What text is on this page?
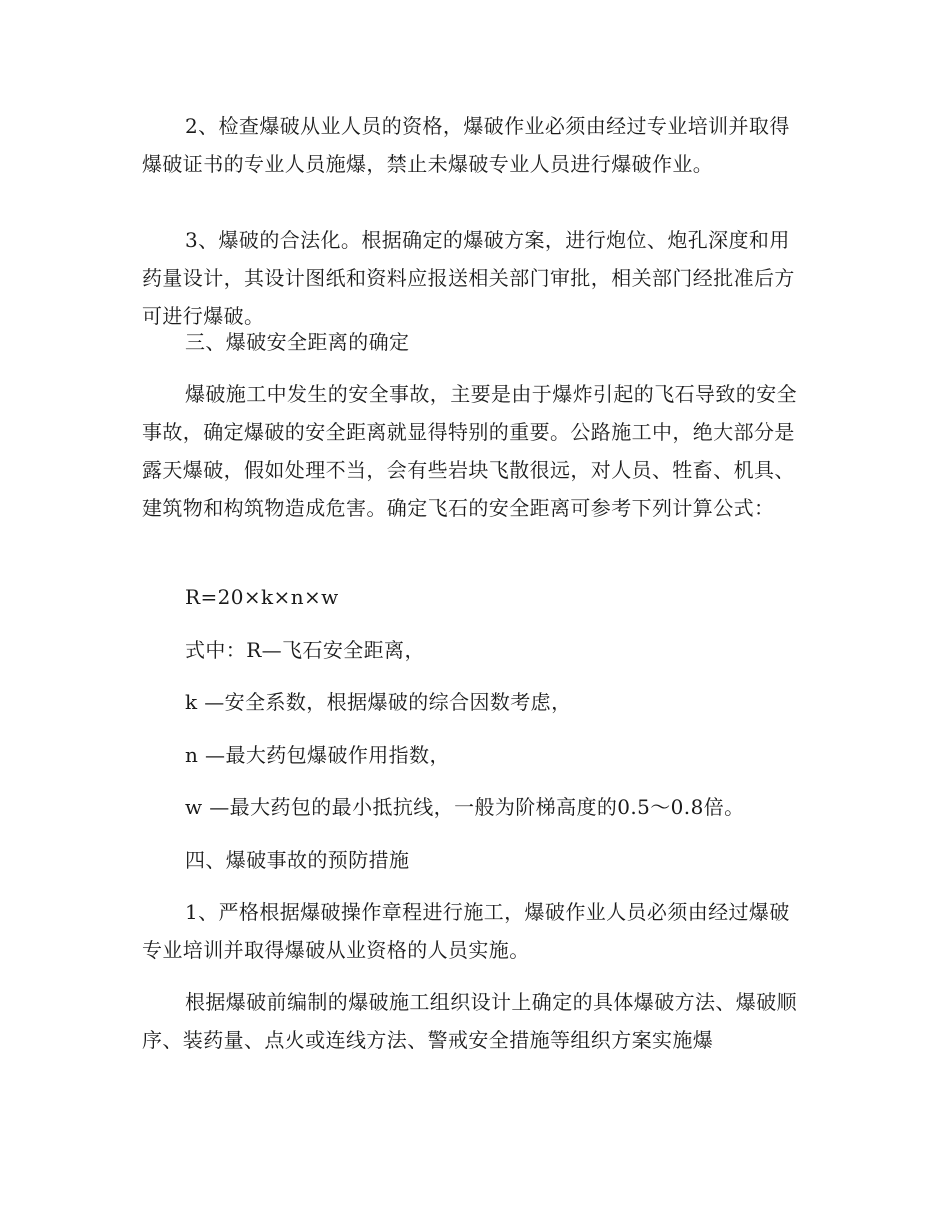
2、检查爆破从业人员的资格，爆破作业必须由经过专业培训并取得爆破证书的专业人员施爆，禁止未爆破专业人员进行爆破作业。

3、爆破的合法化。根据确定的爆破方案，进行炮位、炮孔深度和用药量设计，其设计图纸和资料应报送相关部门审批，相关部门经批准后方可进行爆破。

三、爆破安全距离的确定

爆破施工中发生的安全事故，主要是由于爆炸引起的飞石导致的安全事故，确定爆破的安全距离就显得特别的重要。公路施工中，绝大部分是露天爆破，假如处理不当，会有些岩块飞散很远，对人员、牲畜、机具、建筑物和构筑物造成危害。确定飞石的安全距离可参考下列计算公式：

R=20×k×n×w

式中：R—飞石安全距离，

k —安全系数，根据爆破的综合因数考虑，

n —最大药包爆破作用指数，

w —最大药包的最小抵抗线，一般为阶梯高度的0.5～0.8倍。

四、爆破事故的预防措施

1、严格根据爆破操作章程进行施工，爆破作业人员必须由经过爆破专业培训并取得爆破从业资格的人员实施。

根据爆破前编制的爆破施工组织设计上确定的具体爆破方法、爆破顺序、装药量、点火或连线方法、警戒安全措施等组织方案实施爆
